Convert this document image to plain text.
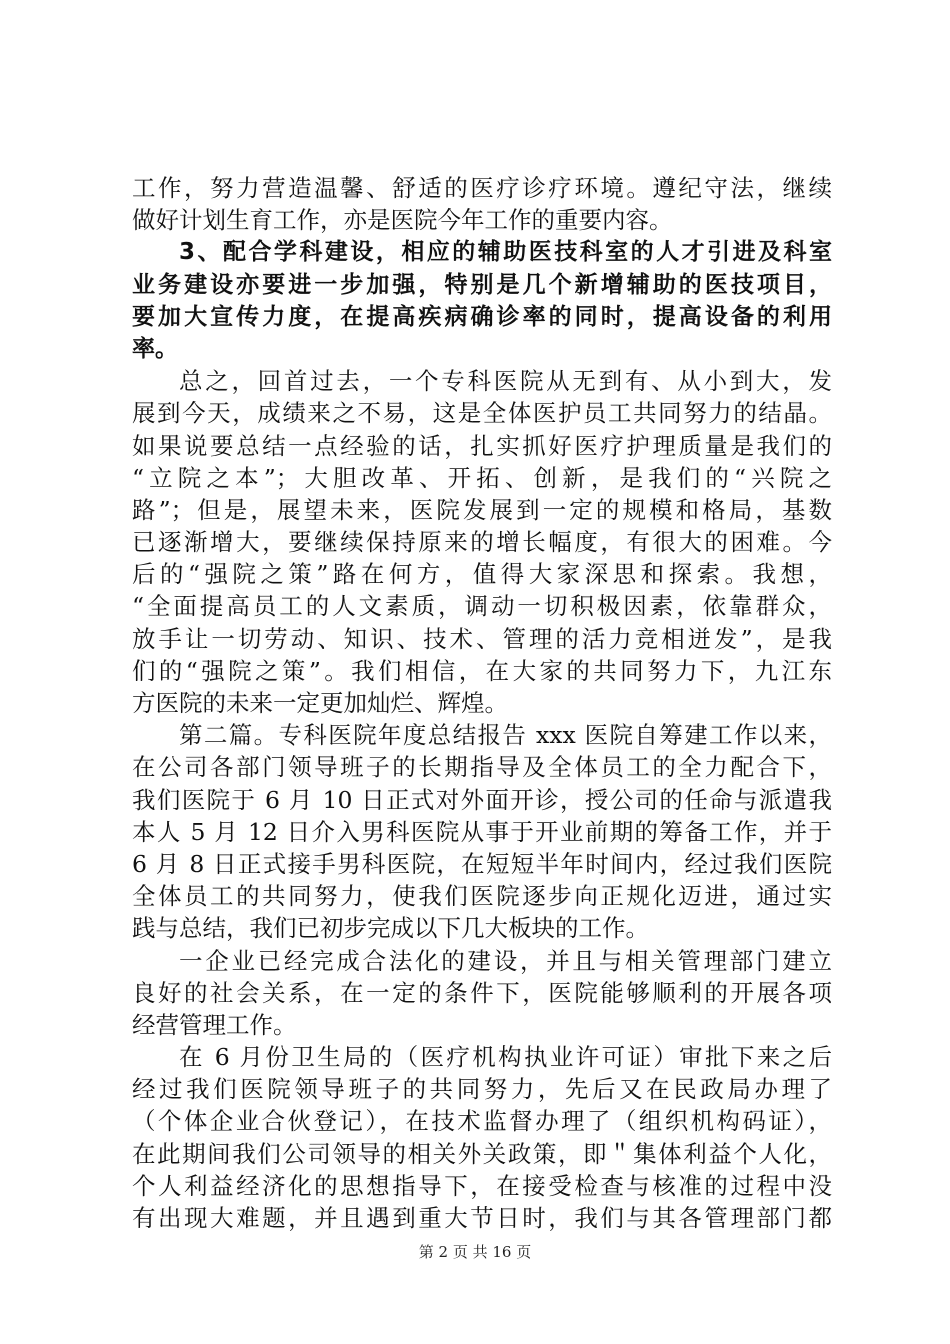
工作，努力营造温馨、舒适的医疗诊疗环境。遵纪守法，继续
做好计划生育工作，亦是医院今年工作的重要内容。
3、配合学科建设，相应的辅助医技科室的人才引进及科室
业务建设亦要进一步加强，特别是几个新增辅助的医技项目，
要加大宣传力度，在提高疾病确诊率的同时，提高设备的利用
率。
总之，回首过去，一个专科医院从无到有、从小到大，发
展到今天，成绩来之不易，这是全体医护员工共同努力的结晶。
如果说要总结一点经验的话，扎实抓好医疗护理质量是我们的
“立院之本”；大胆改革、开拓、创新，是我们的“兴院之
路”；但是，展望未来，医院发展到一定的规模和格局，基数
已逐渐增大，要继续保持原来的增长幅度，有很大的困难。今
后的“强院之策”路在何方，值得大家深思和探索。我想，
“全面提高员工的人文素质，调动一切积极因素，依靠群众，
放手让一切劳动、知识、技术、管理的活力竞相迸发”，是我
们的“强院之策”。我们相信，在大家的共同努力下，九江东
方医院的未来一定更加灿烂、辉煌。
第二篇。专科医院年度总结报告 xxx 医院自筹建工作以来，
在公司各部门领导班子的长期指导及全体员工的全力配合下，
我们医院于 6 月 10 日正式对外面开诊，授公司的任命与派遣我
本人 5 月 12 日介入男科医院从事于开业前期的筹备工作，并于
6 月 8 日正式接手男科医院，在短短半年时间内，经过我们医院
全体员工的共同努力，使我们医院逐步向正规化迈进，通过实
践与总结，我们已初步完成以下几大板块的工作。
一企业已经完成合法化的建设，并且与相关管理部门建立
良好的社会关系，在一定的条件下，医院能够顺利的开展各项
经营管理工作。
在 6 月份卫生局的（医疗机构执业许可证）审批下来之后
经过我们医院领导班子的共同努力，先后又在民政局办理了
（个体企业合伙登记），在技术监督办理了（组织机构码证），
在此期间我们公司领导的相关外关政策，即＂集体利益个人化，
个人利益经济化的思想指导下，在接受检查与核准的过程中没
有出现大难题，并且遇到重大节日时，我们与其各管理部门都
第 2 页 共 16 页
